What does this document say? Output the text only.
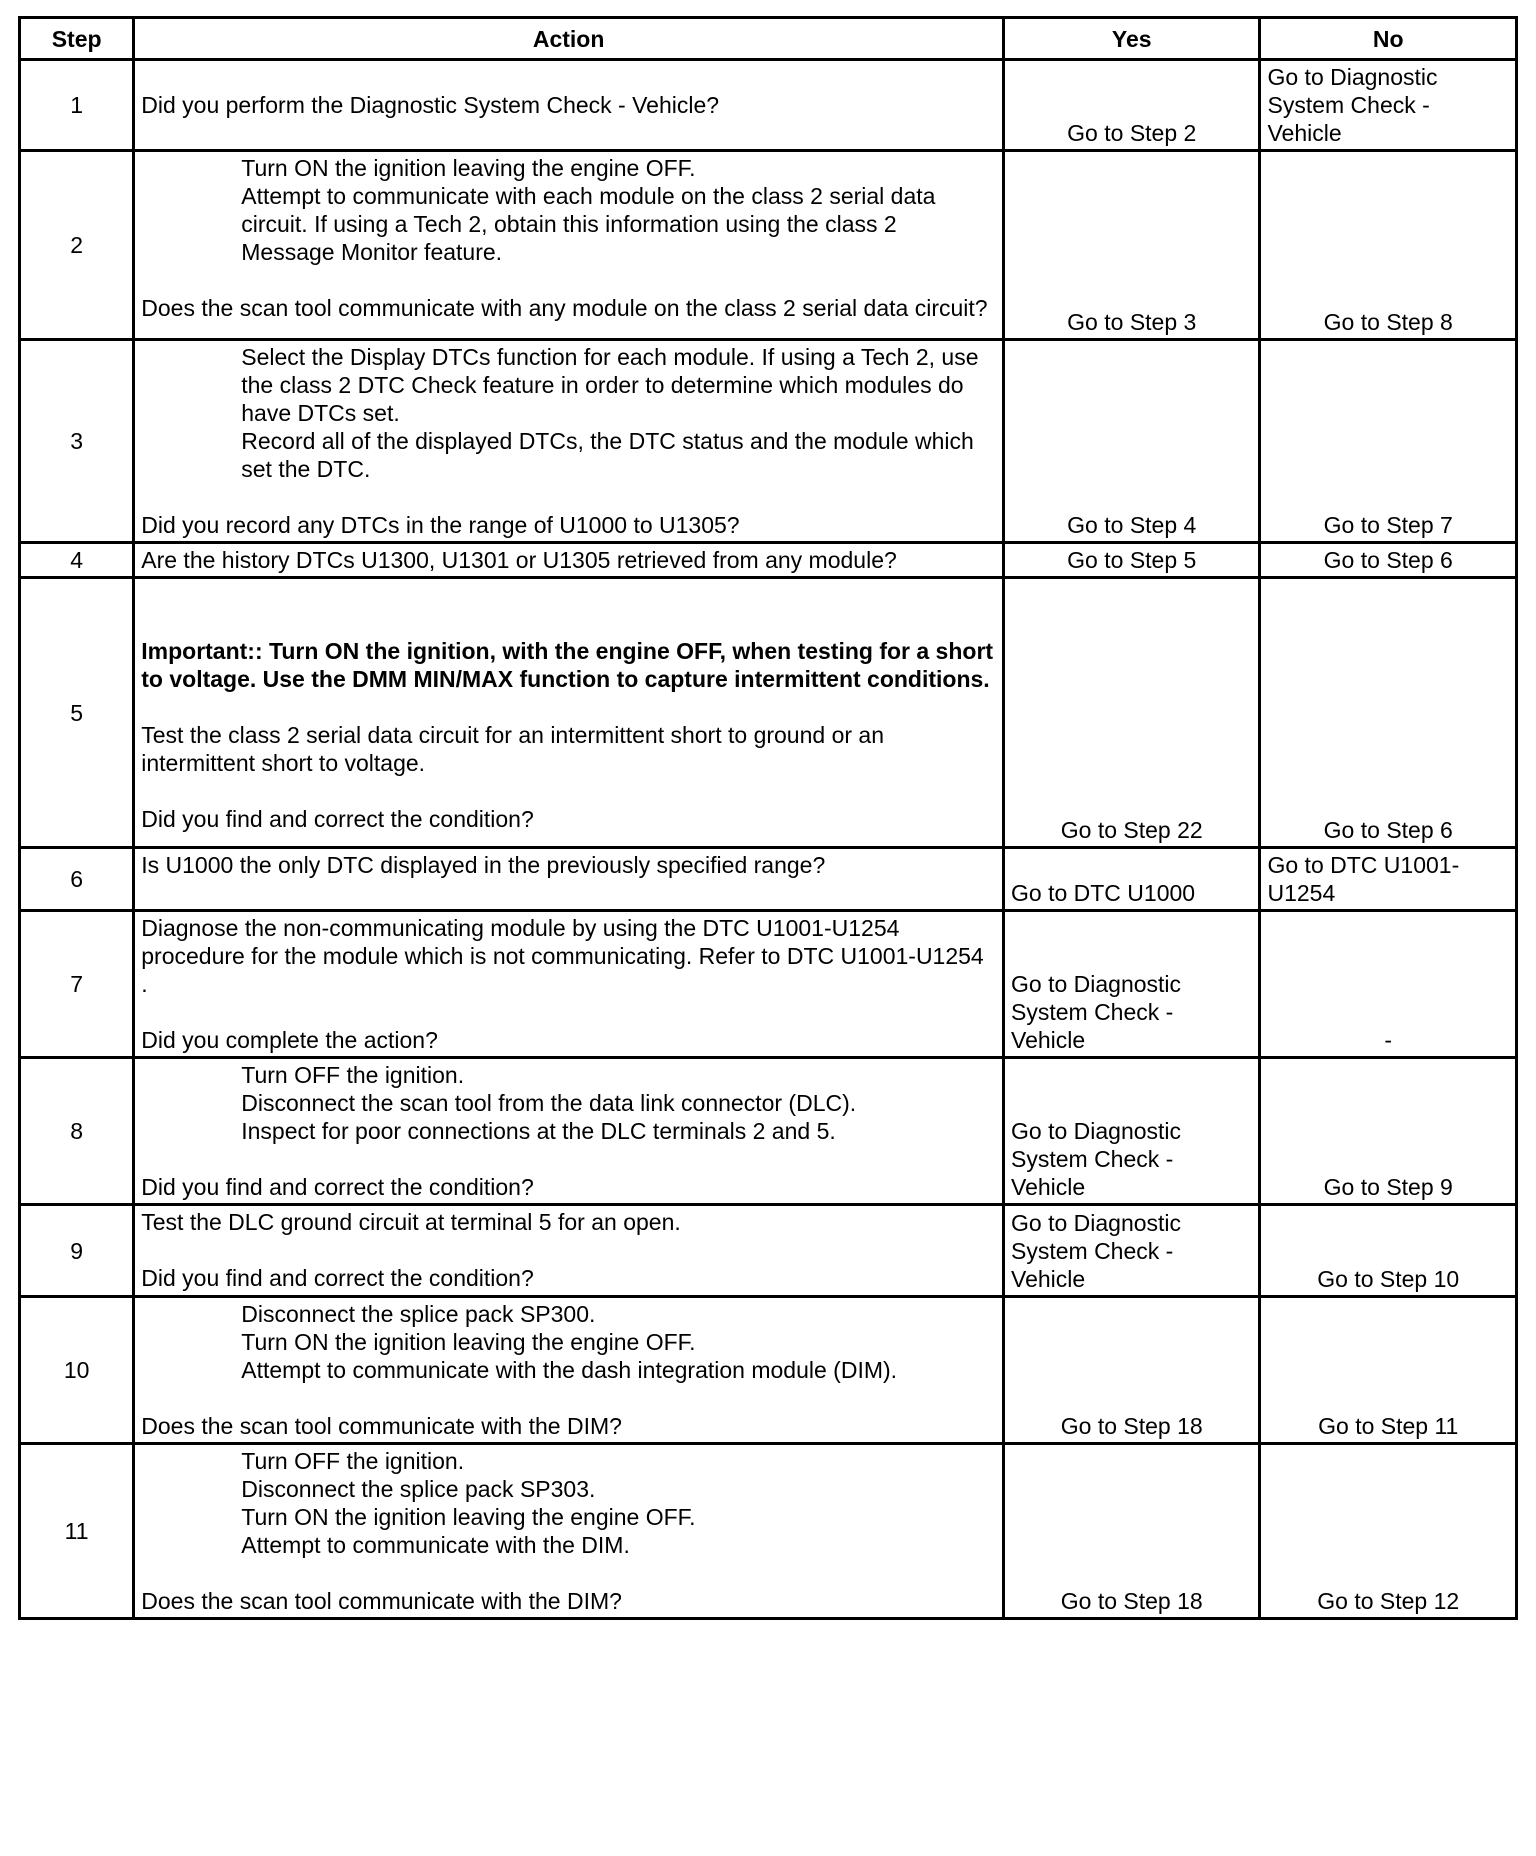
Step	Action	Yes	No
1	Did you perform the Diagnostic System Check - Vehicle?	Go to Step 2	Go to Diagnostic System Check - Vehicle
2	Turn ON the ignition leaving the engine OFF.
Attempt to communicate with each module on the class 2 serial data circuit. If using a Tech 2, obtain this information using the class 2 Message Monitor feature.
Does the scan tool communicate with any module on the class 2 serial data circuit?	Go to Step 3	Go to Step 8
3	Select the Display DTCs function for each module. If using a Tech 2, use the class 2 DTC Check feature in order to determine which modules do have DTCs set.
Record all of the displayed DTCs, the DTC status and the module which set the DTC.
Did you record any DTCs in the range of U1000 to U1305?	Go to Step 4	Go to Step 7
4	Are the history DTCs U1300, U1301 or U1305 retrieved from any module?	Go to Step 5	Go to Step 6
5	Important:: Turn ON the ignition, with the engine OFF, when testing for a short to voltage. Use the DMM MIN/MAX function to capture intermittent conditions.
Test the class 2 serial data circuit for an intermittent short to ground or an intermittent short to voltage.
Did you find and correct the condition?	Go to Step 22	Go to Step 6
6	Is U1000 the only DTC displayed in the previously specified range?	Go to DTC U1000	Go to DTC U1001-U1254
7	Diagnose the non-communicating module by using the DTC U1001-U1254 procedure for the module which is not communicating. Refer to DTC U1001-U1254 .
Did you complete the action?	Go to Diagnostic System Check - Vehicle	-
8	Turn OFF the ignition.
Disconnect the scan tool from the data link connector (DLC).
Inspect for poor connections at the DLC terminals 2 and 5.
Did you find and correct the condition?	Go to Diagnostic System Check - Vehicle	Go to Step 9
9	Test the DLC ground circuit at terminal 5 for an open.
Did you find and correct the condition?	Go to Diagnostic System Check - Vehicle	Go to Step 10
10	Disconnect the splice pack SP300.
Turn ON the ignition leaving the engine OFF.
Attempt to communicate with the dash integration module (DIM).
Does the scan tool communicate with the DIM?	Go to Step 18	Go to Step 11
11	Turn OFF the ignition.
Disconnect the splice pack SP303.
Turn ON the ignition leaving the engine OFF.
Attempt to communicate with the DIM.
Does the scan tool communicate with the DIM?	Go to Step 18	Go to Step 12
